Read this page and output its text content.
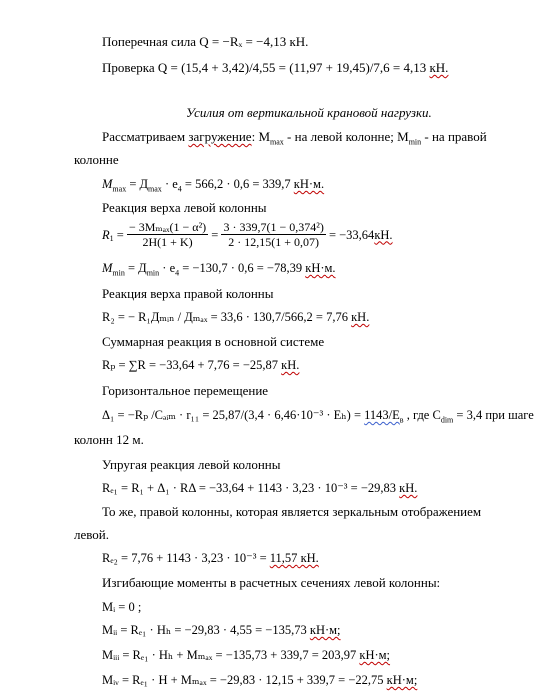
Поперечная сила Q = −Rₓ = −4,13 кН.
Проверка Q = (15,4 + 3,42)/4,55 = (11,97 + 19,45)/7,6 = 4,13 кН.
Усилия от вертикальной крановой нагрузки.
Рассматриваем загружение: $M_{max}$ - на левой колонне; $M_{min}$ - на правой
колонне
$M_{max} = Д_{max} \cdot e_4 = 566,2 \cdot 0,6 = 339,7$ кН·м.
Реакция верха левой колонны
$R_1 = \frac{\text{− 3Mₘₐₓ(1 − α²)}}{2H(1 + K)} = \frac{\text{3 · 339,7(1 − 0,374²)}}{2 \cdot 12,15(1 + 0,07)} = -33,64кН$.
$M_{min} = Д_{min} \cdot e_4 = -130,7 \cdot 0,6 = -78,39$ кН·м.
Реакция верха правой колонны
R₂ = − R₁Дₘᵢₙ / Дₘₐₓ = 33,6 · 130,7/566,2 = 7,76 кН.
Суммарная реакция в основной системе
Rₚ = ∑R = −33,64 + 7,76 = −25,87 кН.
Горизонтальное перемещение
Δ₁ = −Rₚ /Cₔᵢₘ · $r_{11} = 25,87/(3,4 \cdot 6,46\cdot 10^{-3} \cdot E_h) = 1143/E_в$ , где $C_{dim} = 3,4$ при шаге
колонн 12 м.
Упругая реакция левой колонны
Rₑ₁ = R₁ + Δ₁ · RΔ = −33,64 + 1143 · 3,23 · 10⁻³ = −29,83 кН.
То же, правой колонны, которая является зеркальным отображением
левой.
Rₑ₂ = 7,76 + 1143 · 3,23 · 10⁻³ = 11,57 кН.
Изгибающие моменты в расчетных сечениях левой колонны:
Mᵢ = 0 ;
Mᵢᵢ = Rₑ₁ · Hₕ = −29,83 · 4,55 = −135,73 кН·м;
Mᵢᵢᵢ = Rₑ₁ · Hₕ + Mₘₐₓ = −135,73 + 339,7 = 203,97 кН·м;
Mᵢᵥ = Rₑ₁ · H + Mₘₐₓ = −29,83 · 12,15 + 339,7 = −22,75 кН·м;
